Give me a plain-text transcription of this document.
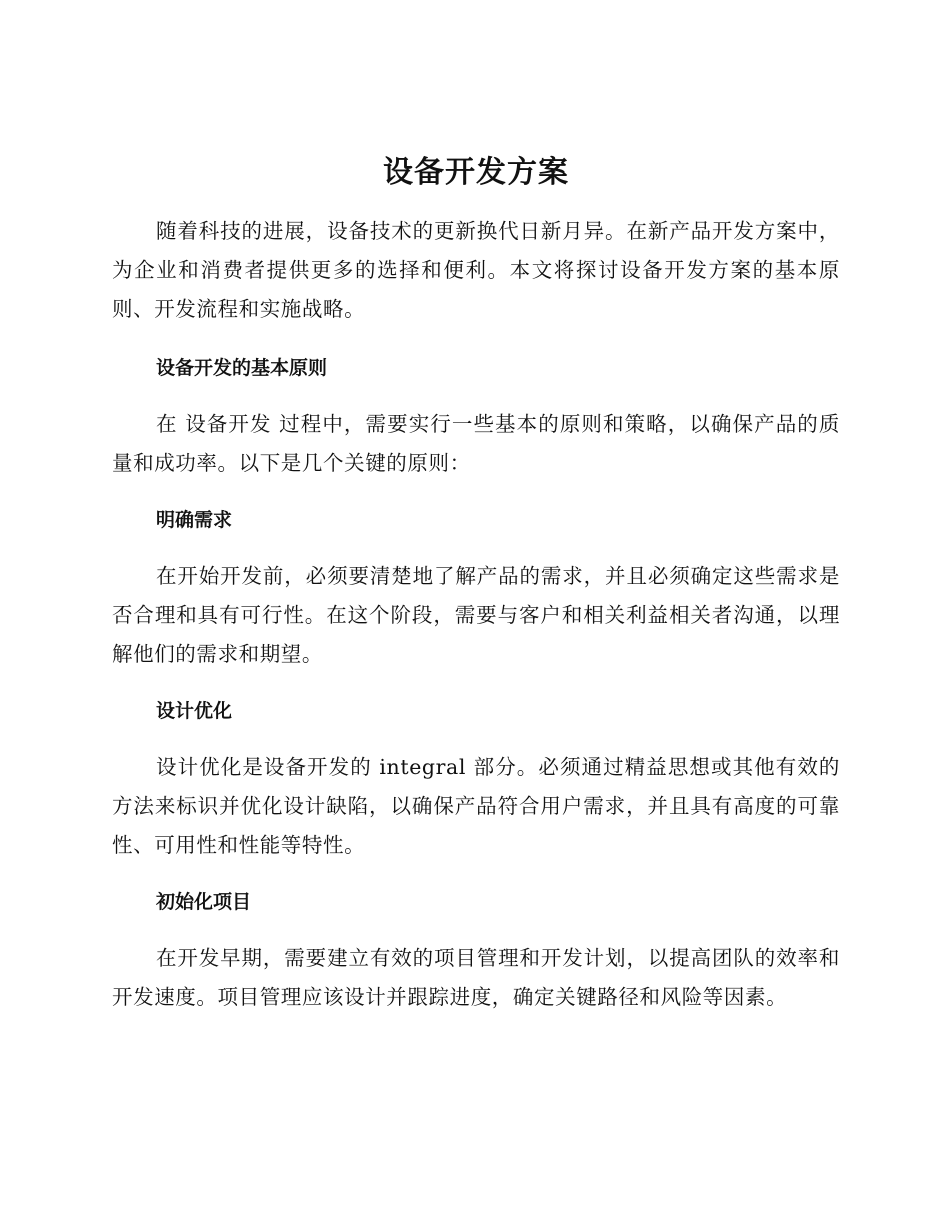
设备开发方案

随着科技的进展，设备技术的更新换代日新月异。在新产品开发方案中，为企业和消费者提供更多的选择和便利。本文将探讨设备开发方案的基本原则、开发流程和实施战略。

设备开发的基本原则

在 设备开发 过程中，需要实行一些基本的原则和策略，以确保产品的质量和成功率。以下是几个关键的原则：

明确需求

在开始开发前，必须要清楚地了解产品的需求，并且必须确定这些需求是否合理和具有可行性。在这个阶段，需要与客户和相关利益相关者沟通，以理解他们的需求和期望。

设计优化

设计优化是设备开发的 integral 部分。必须通过精益思想或其他有效的方法来标识并优化设计缺陷，以确保产品符合用户需求，并且具有高度的可靠性、可用性和性能等特性。

初始化项目

在开发早期，需要建立有效的项目管理和开发计划，以提高团队的效率和开发速度。项目管理应该设计并跟踪进度，确定关键路径和风险等因素。
